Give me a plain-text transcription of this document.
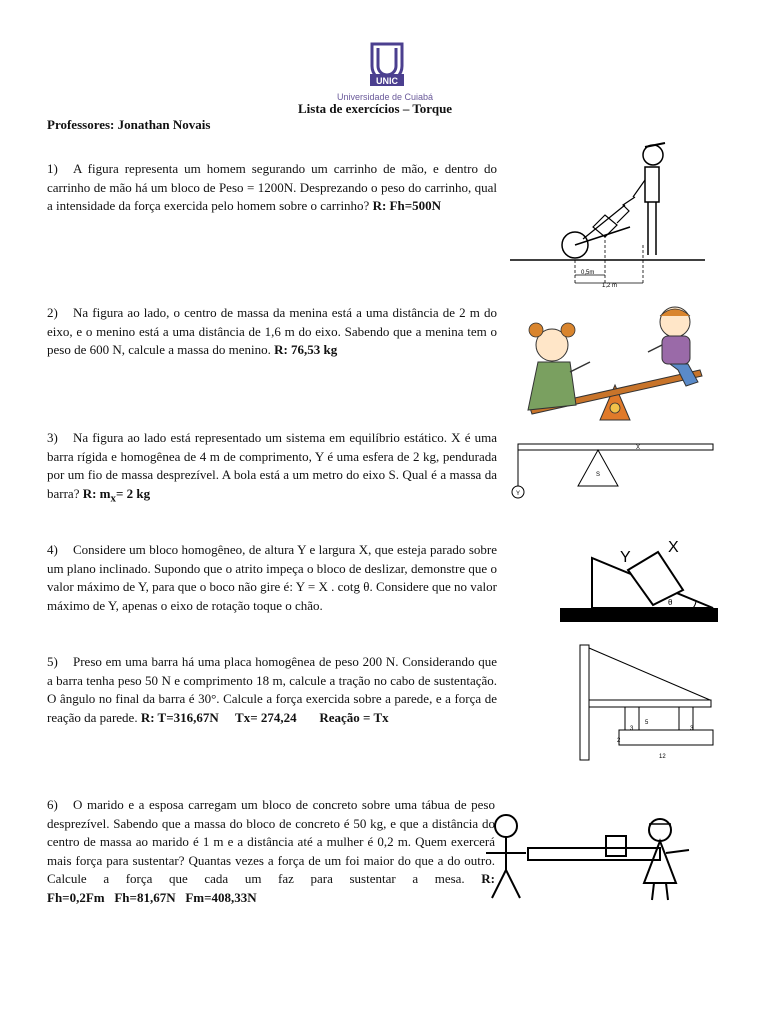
UNIC
Universidade de Cuiabá
Lista de exercícios – Torque
Professores: Jonathan Novais
1) A figura representa um homem segurando um carrinho de mão, e dentro do carrinho de mão há um bloco de Peso = 1200N. Desprezando o peso do carrinho, qual a intensidade da força exercida pelo homem sobre o carrinho? R: Fh=500N
0,5m
1,2 m
2) Na figura ao lado, o centro de massa da menina está a uma distância de 2 m do eixo, e o menino está a uma distância de 1,6 m do eixo. Sabendo que a menina tem o peso de 600 N, calcule a massa do menino. R: 76,53 kg
3) Na figura ao lado está representado um sistema em equilíbrio estático. X é uma barra rígida e homogênea de 4 m de comprimento, Y é uma esfera de 2 kg, pendurada por um fio de massa desprezível. A bola está a um metro do eixo S. Qual é a massa da barra? R: $m_x= 2$ kg
X
Y
S
4) Considere um bloco homogêneo, de altura Y e largura X, que esteja parado sobre um plano inclinado. Supondo que o atrito impeça o bloco de deslizar, demonstre que o valor máximo de Y, para que o boco não gire é: Y = X . cotg θ. Considere que no valor máximo de Y, apenas o eixo de rotação toque o chão.
Y
X
θ
5) Preso em uma barra há uma placa homogênea de peso 200 N. Considerando que a barra tenha peso 50 N e comprimento 18 m, calcule a tração no cabo de sustentação. O ângulo no final da barra é 30°. Calcule a força exercida sobre a parede, e a força de reação da parede. R: T=316,67N Tx= 274,24 Reação = Tx	5
3	3
2
12
6) O marido e a esposa carregam um bloco de concreto sobre uma tábua de peso desprezível. Sabendo que a massa do bloco de concreto é 50 kg, e que a distância do centro de massa ao marido é 1 m e a distância até a mulher é 0,2 m. Quem exercerá mais força para sustentar? Quantas vezes a força de um foi maior do que a do outro. Calcule a força que cada um faz para sustentar a mesa. R: Fh=0,2Fm Fh=81,67N Fm=408,33N
